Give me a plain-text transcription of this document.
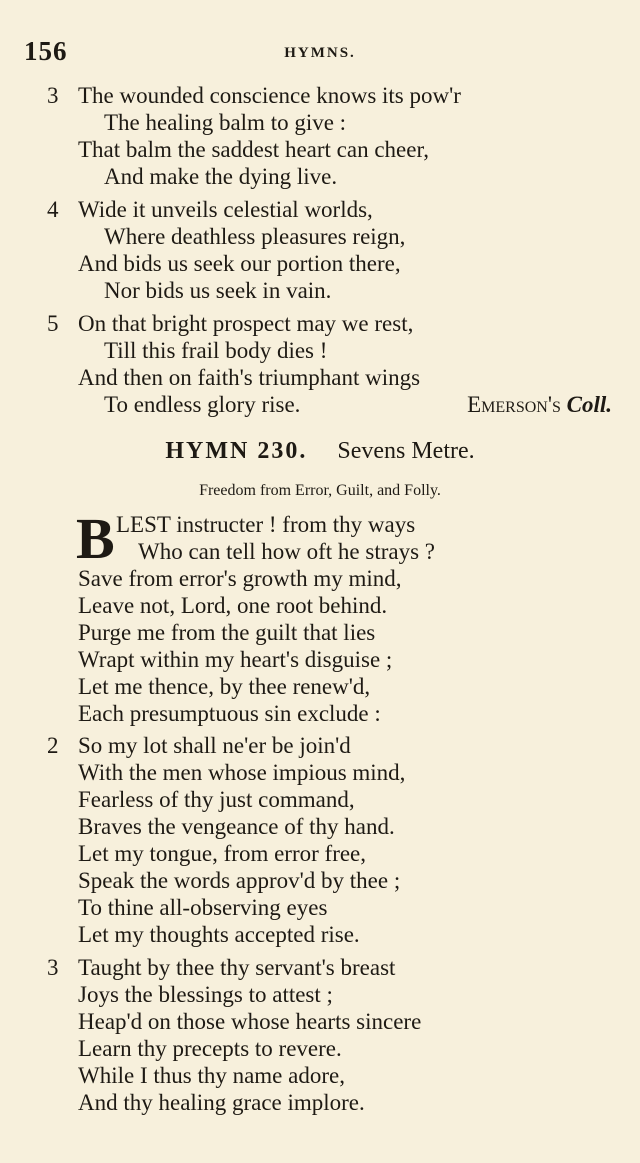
156	HYMNS.
3 The wounded conscience knows its pow'r
The healing balm to give :
That balm the saddest heart can cheer,
And make the dying live.
4 Wide it unveils celestial worlds,
Where deathless pleasures reign,
And bids us seek our portion there,
Nor bids us seek in vain.
5 On that bright prospect may we rest,
Till this frail body dies !
And then on faith's triumphant wings
To endless glory rise.	Emerson's Coll.
HYMN 230. Sevens Metre.
Freedom from Error, Guilt, and Folly.
B LEST instructer ! from thy ways
Who can tell how oft he strays ?
Save from error's growth my mind,
Leave not, Lord, one root behind.
Purge me from the guilt that lies
Wrapt within my heart's disguise ;
Let me thence, by thee renew'd,
Each presumptuous sin exclude :
2 So my lot shall ne'er be join'd
With the men whose impious mind,
Fearless of thy just command,
Braves the vengeance of thy hand.
Let my tongue, from error free,
Speak the words approv'd by thee ;
To thine all-observing eyes
Let my thoughts accepted rise.
3 Taught by thee thy servant's breast
Joys the blessings to attest ;
Heap'd on those whose hearts sincere
Learn thy precepts to revere.
While I thus thy name adore,
And thy healing grace implore.
